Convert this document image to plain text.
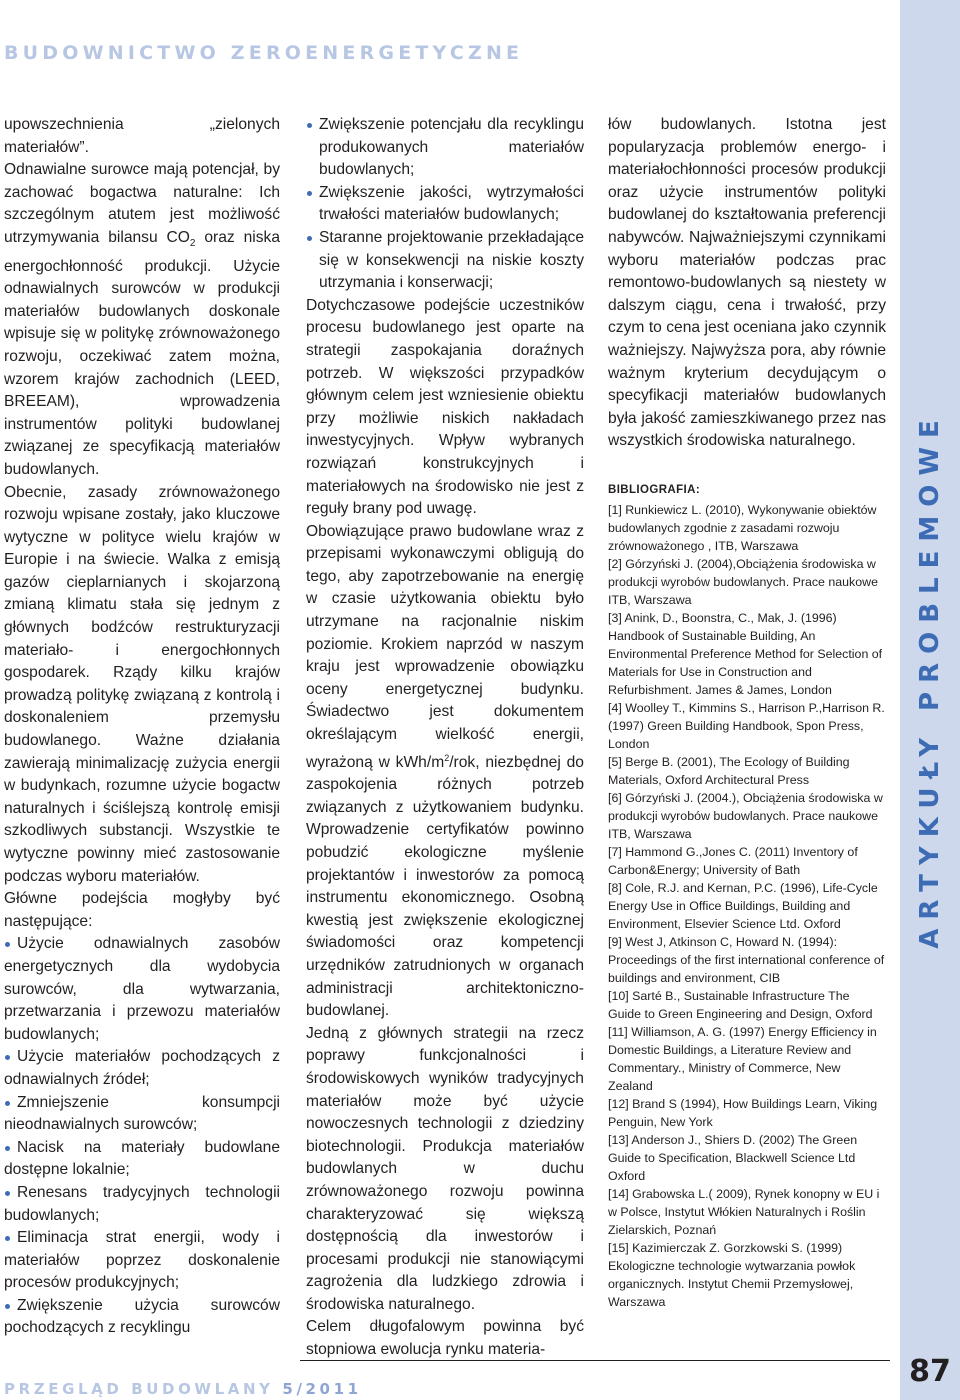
BUDOWNICTWO ZEROENERGETYCZNE
ARTYKUŁY PROBLEMOWE

upowszechnienia „zielonych materiałów”.

Odnawialne surowce mają potencjał, by zachować bogactwa naturalne: Ich szczególnym atutem jest możliwość utrzymywania bilansu $CO_2$ oraz niska energochłonność produkcji. Użycie odnawialnych surowców w produkcji materiałów budowlanych doskonale wpisuje się w politykę zrównoważonego rozwoju, oczekiwać zatem można, wzorem krajów zachodnich (LEED, BREEAM), wprowadzenia instrumentów polityki budowlanej związanej ze specyfikacją materiałów budowlanych.

Obecnie, zasady zrównoważonego rozwoju wpisane zostały, jako kluczowe wytyczne w polityce wielu krajów w Europie i na świecie. Walka z emisją gazów cieplarnianych i skojarzoną zmianą klimatu stała się jednym z głównych bodźców restrukturyzacji materiało- i energochłonnych gospodarek. Rządy kilku krajów prowadzą politykę związaną z kontrolą i doskonaleniem przemysłu budowlanego. Ważne działania zawierają minimalizację zużycia energii w budynkach, rozumne użycie bogactw naturalnych i ściślejszą kontrolę emisji szkodliwych substancji. Wszystkie te wytyczne powinny mieć zastosowanie podczas wyboru materiałów.

Główne podejścia mogłyby być następujące:

Użycie odnawialnych zasobów energetycznych dla wydobycia surowców, dla wytwarzania, przetwarzania i przewozu materiałów budowlanych;
Użycie materiałów pochodzących z odnawialnych źródeł;
Zmniejszenie konsumpcji nieodnawialnych surowców;
Nacisk na materiały budowlane dostępne lokalnie;
Renesans tradycyjnych technologii budowlanych;
Eliminacja strat energii, wody i materiałów poprzez doskonalenie procesów produkcyjnych;
Zwiększenie użycia surowców pochodzących z recyklingu
Zwiększenie potencjału dla recyklingu produkowanych materiałów budowlanych;
Zwiększenie jakości, wytrzymałości trwałości materiałów budowlanych;
Staranne projektowanie przekładające się w konsekwencji na niskie koszty utrzymania i konserwacji;

Dotychczasowe podejście uczestników procesu budowlanego jest oparte na strategii zaspokajania doraźnych potrzeb. W większości przypadków głównym celem jest wzniesienie obiektu przy możliwie niskich nakładach inwestycyjnych. Wpływ wybranych rozwiązań konstrukcyjnych i materiałowych na środowisko nie jest z reguły brany pod uwagę.

Obowiązujące prawo budowlane wraz z przepisami wykonawczymi obligują do tego, aby zapotrzebowanie na energię w czasie użytkowania obiektu było utrzymane na racjonalnie niskim poziomie. Krokiem naprzód w naszym kraju jest wprowadzenie obowiązku oceny energetycznej budynku. Świadectwo jest dokumentem określającym wielkość energii, wyrażoną w kWh/$m^2$/rok, niezbędnej do zaspokojenia różnych potrzeb związanych z użytkowaniem budynku. Wprowadzenie certyfikatów powinno pobudzić ekologiczne myślenie projektantów i inwestorów za pomocą instrumentu ekonomicznego. Osobną kwestią jest zwiększenie ekologicznej świadomości oraz kompetencji urzędników zatrudnionych w organach administracji architektoniczno-budowlanej.

Jedną z głównych strategii na rzecz poprawy funkcjonalności i środowiskowych wyników tradycyjnych materiałów może być użycie nowoczesnych technologii z dziedziny biotechnologii. Produkcja materiałów budowlanych w duchu zrównoważonego rozwoju powinna charakteryzować się większą dostępnością dla inwestorów i procesami produkcji nie stanowiącymi zagrożenia dla ludzkiego zdrowia i środowiska naturalnego.

Celem długofalowym powinna być stopniowa ewolucja rynku materia-

łów budowlanych. Istotna jest popularyzacja problemów energo- i materiałochłonności procesów produkcji oraz użycie instrumentów polityki budowlanej do kształtowania preferencji nabywców. Najważniejszymi czynnikami wyboru materiałów podczas prac remontowo-budowlanych są niestety w dalszym ciągu, cena i trwałość, przy czym to cena jest oceniana jako czynnik ważniejszy. Najwyższa pora, aby równie ważnym kryterium decydującym o specyfikacji materiałów budowlanych była jakość zamieszkiwanego przez nas wszystkich środowiska naturalnego.

BIBLIOGRAFIA:

[1] Runkiewicz L. (2010), Wykonywanie obiektów budowlanych zgodnie z zasadami rozwoju zrównoważonego , ITB, Warszawa

[2] Górzyński J. (2004),Obciążenia środowiska w produkcji wyrobów budowlanych. Prace naukowe ITB, Warszawa

[3] Anink, D., Boonstra, C., Mak, J. (1996) Handbook of Sustainable Building, An Environmental Preference Method for Selection of Materials for Use in Construction and Refurbishment. James & James, London

[4] Woolley T., Kimmins S., Harrison P.,Harrison R. (1997) Green Building Handbook, Spon Press, London

[5] Berge B. (2001), The Ecology of Building Materials, Oxford Architectural Press

[6] Górzyński J. (2004.), Obciążenia środowiska w produkcji wyrobów budowlanych. Prace naukowe ITB, Warszawa

[7] Hammond G.,Jones C. (2011) Inventory of Carbon&Energy; University of Bath

[8] Cole, R.J. and Kernan, P.C. (1996), Life-Cycle Energy Use in Office Buildings, Building and Environment, Elsevier Science Ltd. Oxford

[9] West J, Atkinson C, Howard N. (1994): Proceedings of the first international conference of buildings and environment, CIB

[10] Sarté B., Sustainable Infrastructure The Guide to Green Engineering and Design, Oxford

[11] Williamson, A. G. (1997) Energy Efficiency in Domestic Buildings, a Literature Review and Commentary., Ministry of Commerce, New Zealand

[12] Brand S (1994), How Buildings Learn, Viking Penguin, New York

[13] Anderson J., Shiers D. (2002) The Green Guide to Specification, Blackwell Science Ltd Oxford

[14] Grabowska L.( 2009), Rynek konopny w EU i w Polsce, Instytut Włókien Naturalnych i Roślin Zielarskich, Poznań

[15] Kazimierczak Z. Gorzkowski S. (1999) Ekologiczne technologie wytwarzania powłok organicznych. Instytut Chemii Przemysłowej, Warszawa

PRZEGLĄD BUDOWLANY 5/2011	87
